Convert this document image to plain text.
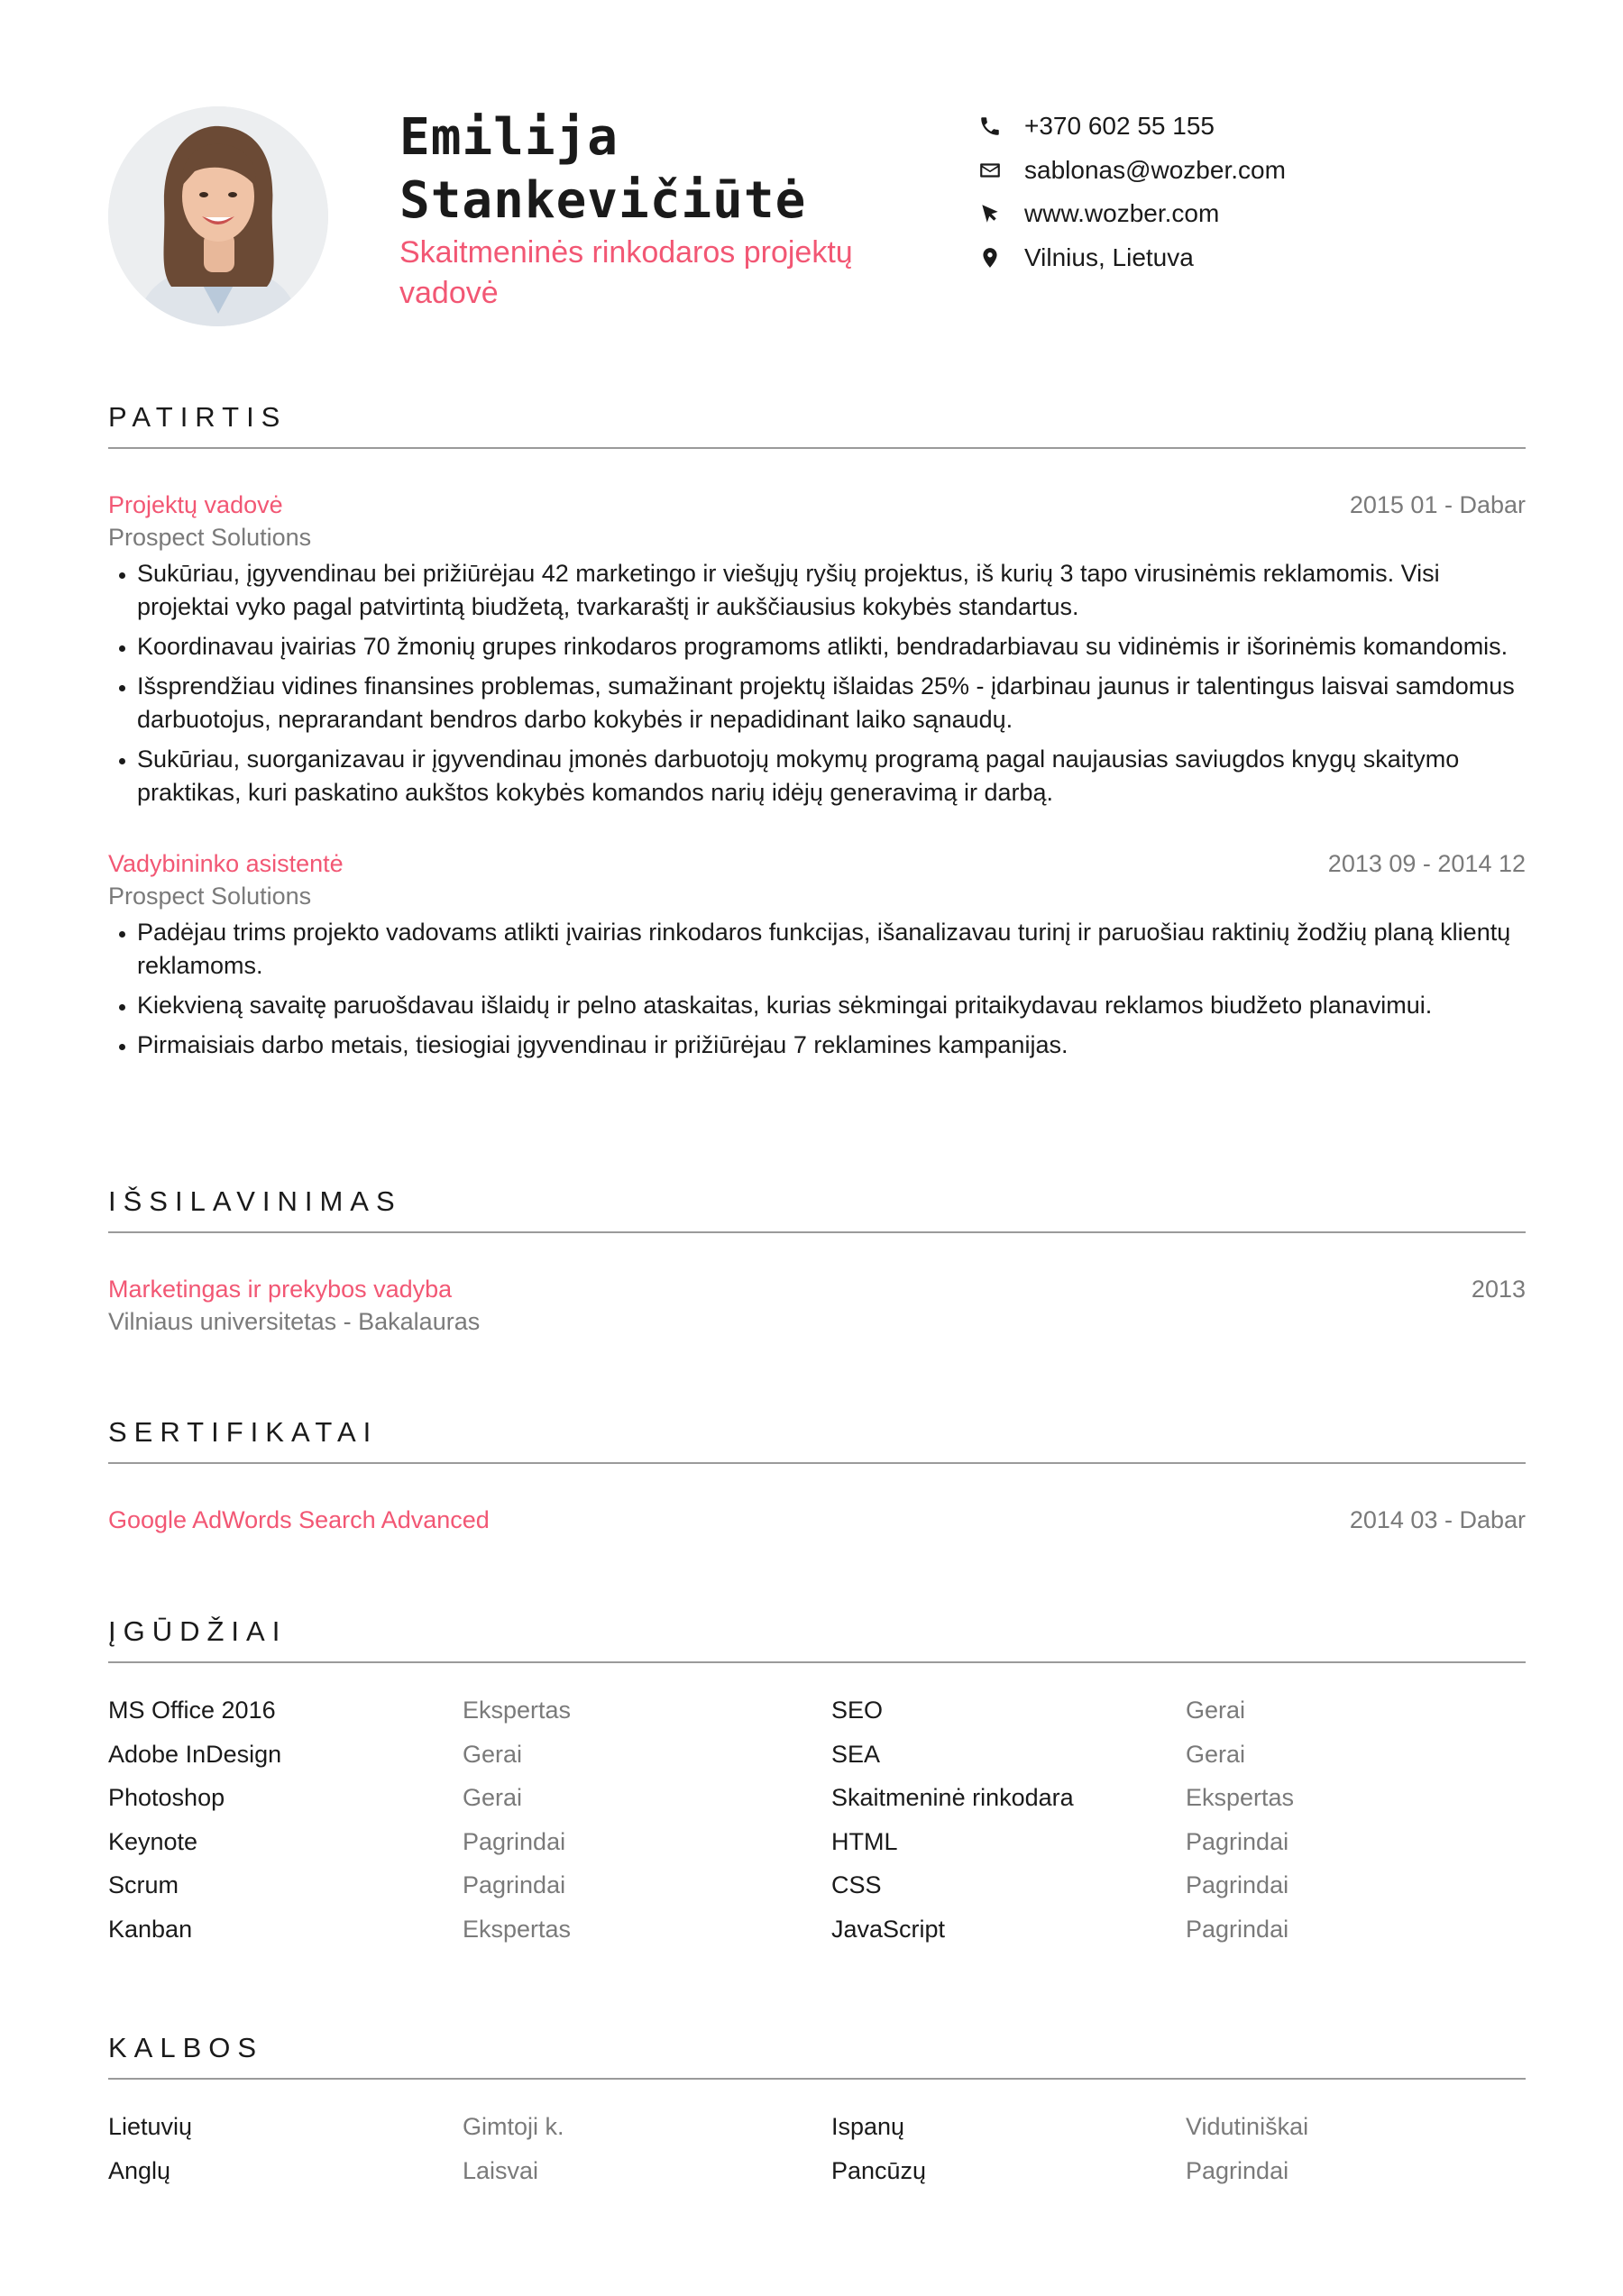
Emilija
Stankevičiūtė
Skaitmeninės rinkodaros projektų vadovė
+370 602 55 155
sablonas@wozber.com
www.wozber.com
Vilnius, Lietuva
PATIRTIS
Projektų vadovė	2015 01 - Dabar
Prospect Solutions
• Sukūriau, įgyvendinau bei prižiūrėjau 42 marketingo ir viešųjų ryšių projektus, iš kurių 3 tapo virusinėmis reklamomis. Visi projektai vyko pagal patvirtintą biudžetą, tvarkaraštį ir aukščiausius kokybės standartus.
• Koordinavau įvairias 70 žmonių grupes rinkodaros programoms atlikti, bendradarbiavau su vidinėmis ir išorinėmis komandomis.
• Išsprendžiau vidines finansines problemas, sumažinant projektų išlaidas 25% - įdarbinau jaunus ir talentingus laisvai samdomus darbuotojus, neprarandant bendros darbo kokybės ir nepadidinant laiko sąnaudų.
• Sukūriau, suorganizavau ir įgyvendinau įmonės darbuotojų mokymų programą pagal naujausias saviugdos knygų skaitymo praktikas, kuri paskatino aukštos kokybės komandos narių idėjų generavimą ir darbą.
Vadybininko asistentė	2013 09 - 2014 12
Prospect Solutions
• Padėjau trims projekto vadovams atlikti įvairias rinkodaros funkcijas, išanalizavau turinį ir paruošiau raktinių žodžių planą klientų reklamoms.
• Kiekvieną savaitę paruošdavau išlaidų ir pelno ataskaitas, kurias sėkmingai pritaikydavau reklamos biudžeto planavimui.
• Pirmaisiais darbo metais, tiesiogiai įgyvendinau ir prižiūrėjau 7 reklamines kampanijas.
IŠSILAVINIMAS
Marketingas ir prekybos vadyba	2013
Vilniaus universitetas - Bakalauras
SERTIFIKATAI
Google AdWords Search Advanced	2014 03 - Dabar
ĮGŪDŽIAI
MS Office 2016	Ekspertas	SEO	Gerai
Adobe InDesign	Gerai	SEA	Gerai
Photoshop	Gerai	Skaitmeninė rinkodara	Ekspertas
Keynote	Pagrindai	HTML	Pagrindai
Scrum	Pagrindai	CSS	Pagrindai
Kanban	Ekspertas	JavaScript	Pagrindai
KALBOS
Lietuvių	Gimtoji k.	Ispanų	Vidutiniškai
Anglų	Laisvai	Pancūzų	Pagrindai
